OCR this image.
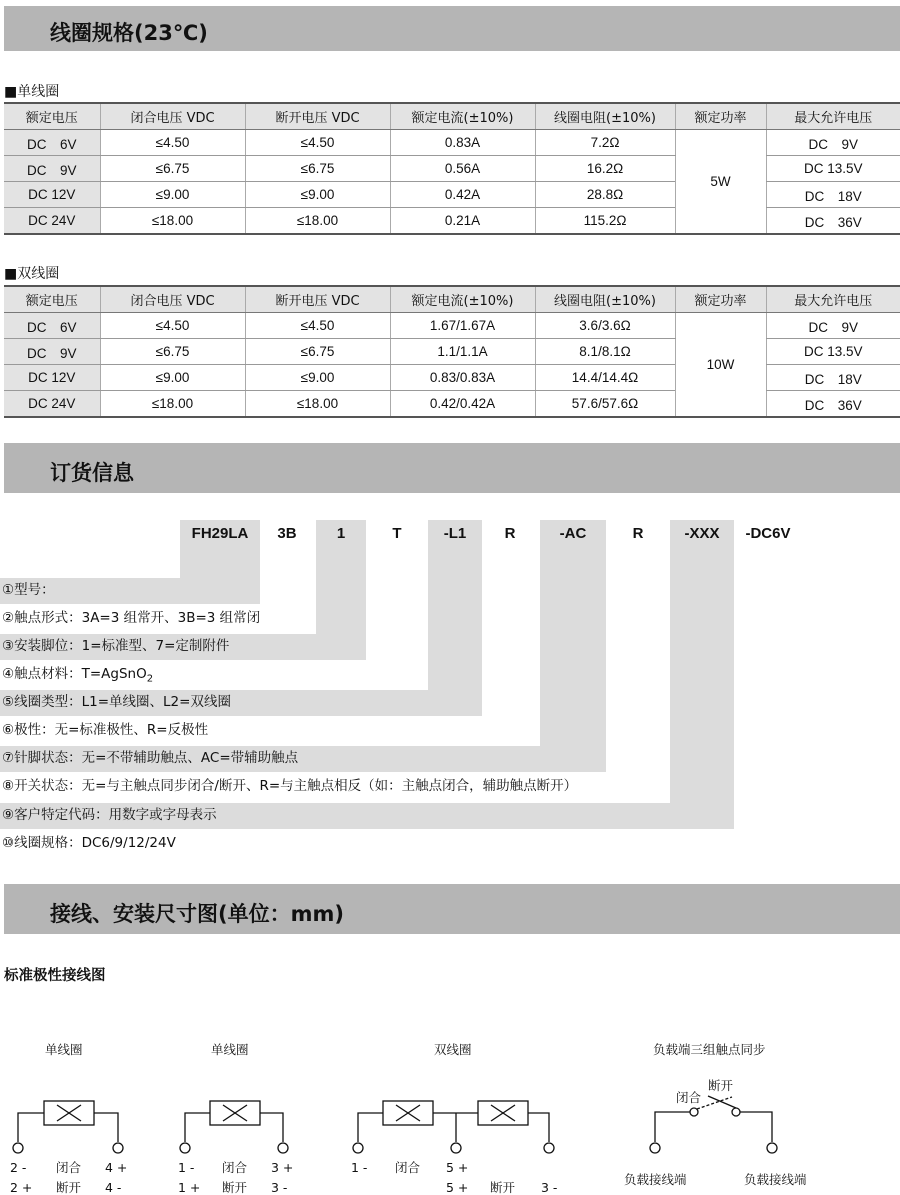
线圈规格(23℃)
■单线圈
额定电压	闭合电压 VDC	断开电压 VDC	额定电流(±10%)	线圈电阻(±10%)	额定功率	最大允许电压
DC　6V	≤4.50	≤4.50	0.83A	7.2Ω	5W	DC　9V
DC　9V	≤6.75	≤6.75	0.56A	16.2Ω		DC 13.5V
DC 12V	≤9.00	≤9.00	0.42A	28.8Ω		DC　18V
DC 24V	≤18.00	≤18.00	0.21A	115.2Ω		DC　36V
■双线圈
额定电压	闭合电压 VDC	断开电压 VDC	额定电流(±10%)	线圈电阻(±10%)	额定功率	最大允许电压
DC　6V	≤4.50	≤4.50	1.67/1.67A	3.6/3.6Ω	10W	DC　9V
DC　9V	≤6.75	≤6.75	1.1/1.1A	8.1/8.1Ω		DC 13.5V
DC 12V	≤9.00	≤9.00	0.83/0.83A	14.4/14.4Ω		DC　18V
DC 24V	≤18.00	≤18.00	0.42/0.42A	57.6/57.6Ω		DC　36V
订货信息
FH29LA	3B	1	T	-L1	R	-AC	R	-XXX	-DC6V
①型号：
②触点形式：3A=3 组常开、3B=3 组常闭
③安装脚位：1=标准型、7=定制附件
④触点材料：T=AgSnO$_2$
⑤线圈类型：L1=单线圈、L2=双线圈
⑥极性：无=标准极性、R=反极性
⑦针脚状态：无=不带辅助触点、AC=带辅助触点
⑧开关状态：无=与主触点同步闭合/断开、R=与主触点相反（如：主触点闭合，辅助触点断开）
⑨客户特定代码：用数字或字母表示
⑩线圈规格：DC6/9/12/24V
接线、安装尺寸图(单位：mm)
标准极性接线图
单线圈
2 - 闭合 4 +
2 + 断开 4 -
单线圈
1 - 闭合 3 +
1 + 断开 3 -
双线圈
1 - 闭合 5 +
5 + 断开 3 -
负载端三组触点同步
断开
闭合
负载接线端	负载接线端
